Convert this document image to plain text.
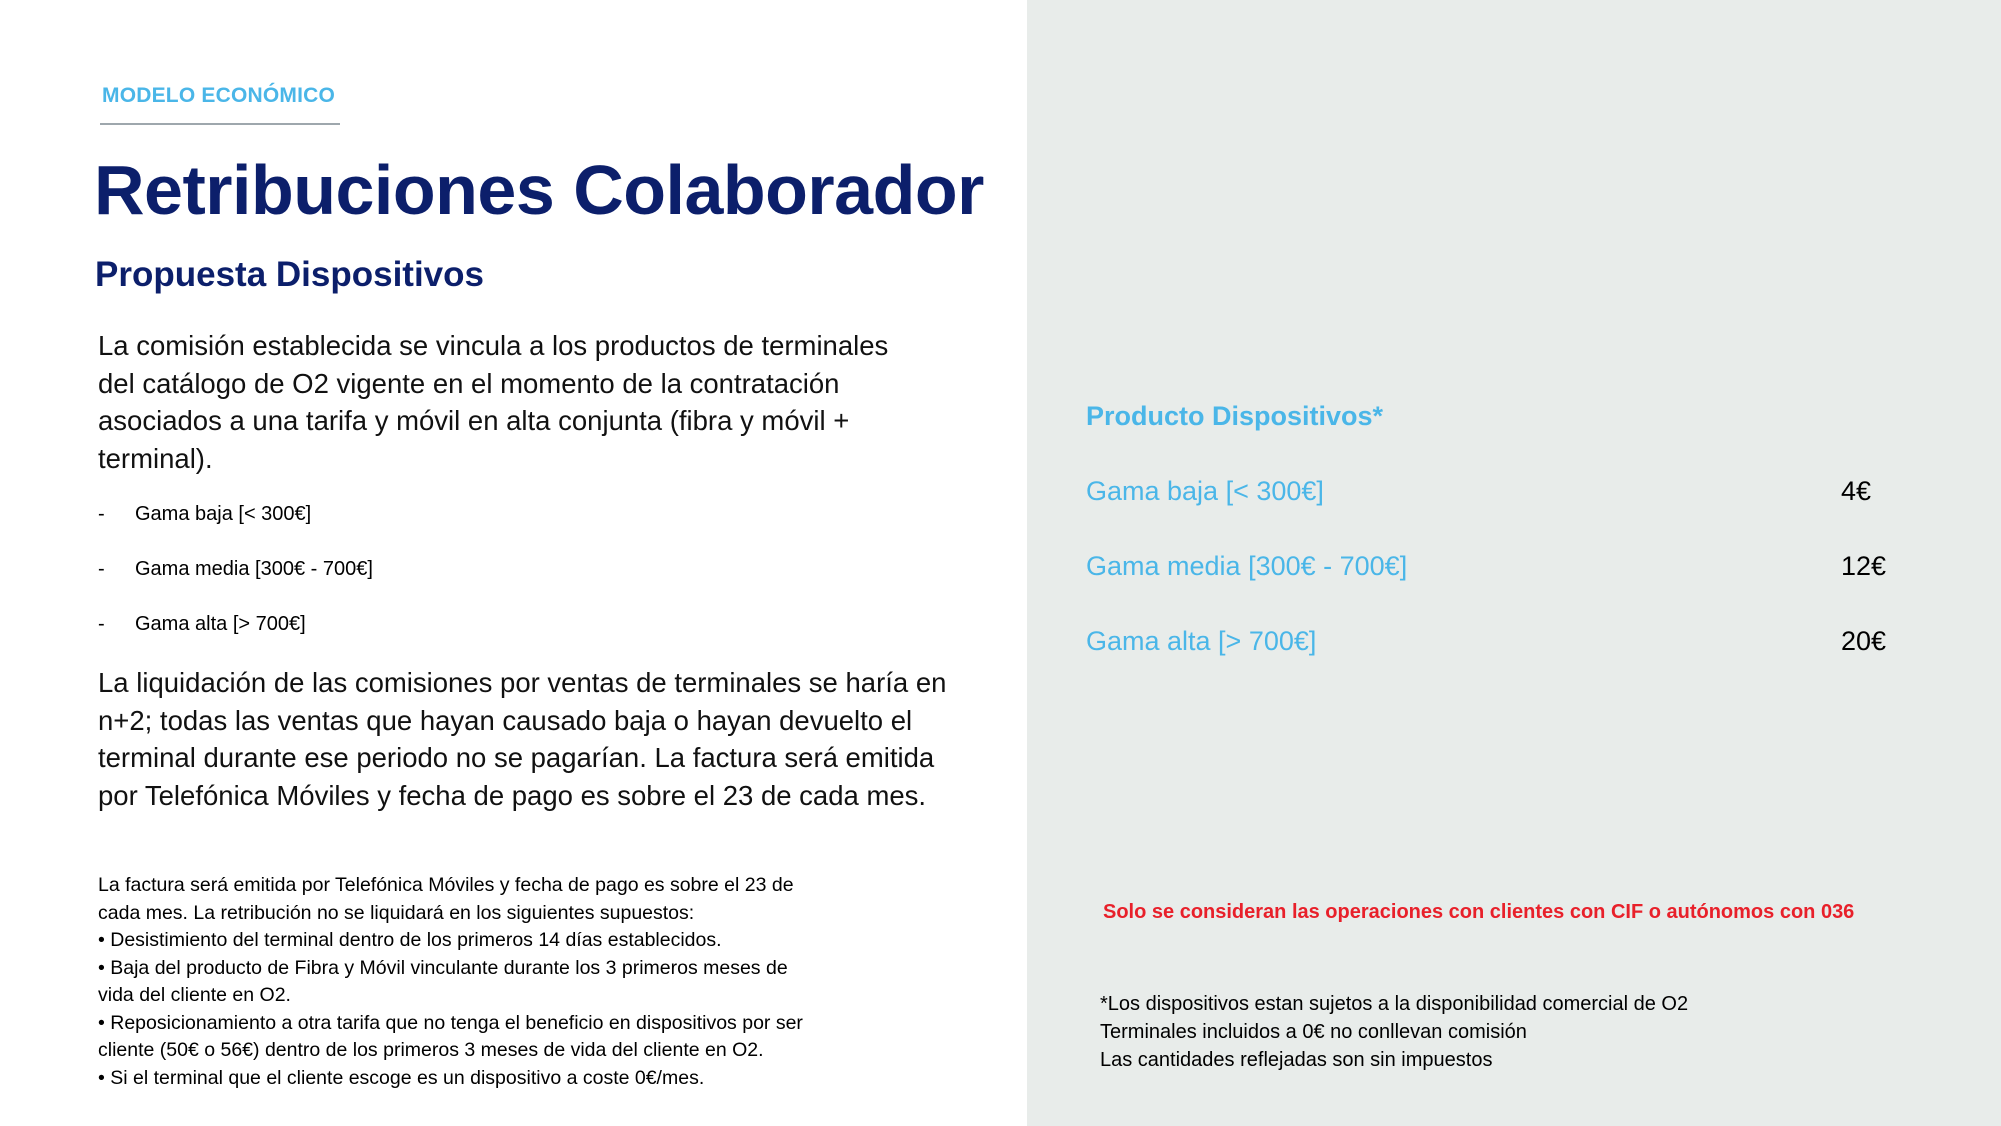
MODELO ECONÓMICO
Retribuciones Colaborador
Propuesta Dispositivos
La comisión establecida se vincula a los productos de terminales del catálogo de O2 vigente en el momento de la contratación asociados a una tarifa y móvil en alta conjunta (fibra y móvil + terminal).
- Gama baja [< 300€]
- Gama media [300€ - 700€]
- Gama alta [> 700€]
La liquidación de las comisiones por ventas de terminales se haría en n+2; todas las ventas que hayan causado baja o hayan devuelto el terminal durante ese periodo no se pagarían. La factura será emitida por Telefónica Móviles y fecha de pago es sobre el 23 de cada mes.
La factura será emitida por Telefónica Móviles y fecha de pago es sobre el 23 de
cada mes. La retribución no se liquidará en los siguientes supuestos:
• Desistimiento del terminal dentro de los primeros 14 días establecidos.
• Baja del producto de Fibra y Móvil vinculante durante los 3 primeros meses de
vida del cliente en O2.
• Reposicionamiento a otra tarifa que no tenga el beneficio en dispositivos por ser
cliente (50€ o 56€) dentro de los primeros 3 meses de vida del cliente en O2.
• Si el terminal que el cliente escoge es un dispositivo a coste 0€/mes.
Producto Dispositivos*
Gama baja [< 300€]	4€
Gama media [300€ - 700€]	12€
Gama alta [> 700€]	20€
Solo se consideran las operaciones con clientes con CIF o autónomos con 036
*Los dispositivos estan sujetos a la disponibilidad comercial de O2
Terminales incluidos a 0€ no conllevan comisión
Las cantidades reflejadas son sin impuestos
